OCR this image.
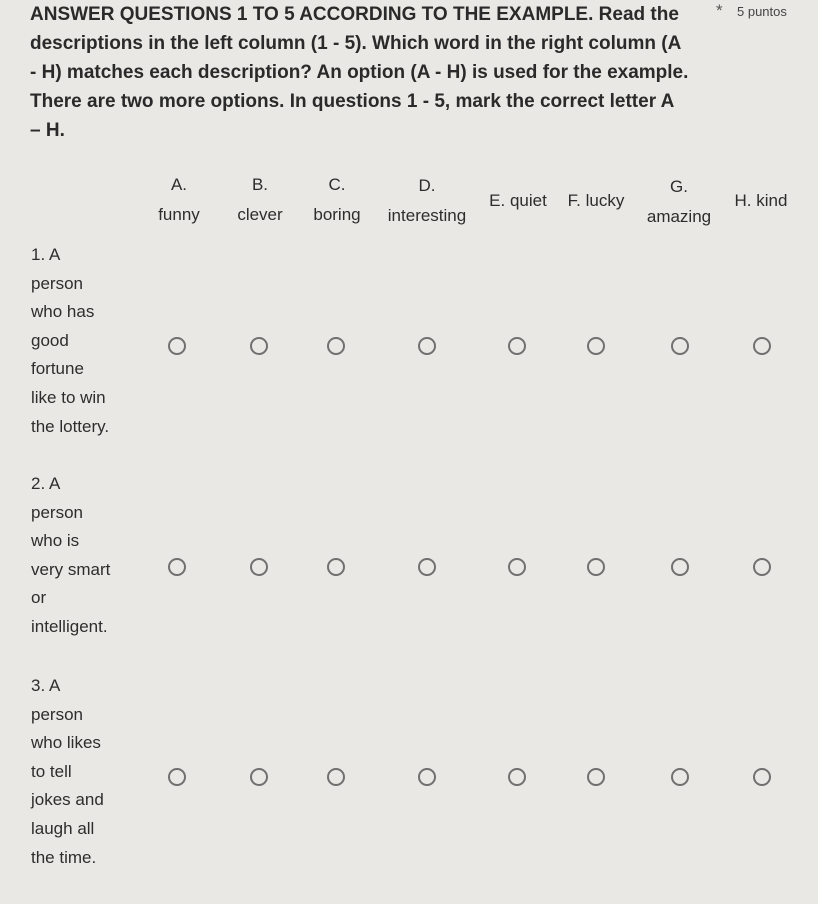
ANSWER QUESTIONS 1 TO 5 ACCORDING TO THE EXAMPLE. Read the
descriptions in the left column (1 - 5). Which word in the right column (A
- H) matches each description? An option (A - H) is used for the example.
There are two more options. In questions 1 - 5, mark the correct letter A
– H.
* 5 puntos
A.
funny
B.
clever
C.
boring
D.
interesting
E. quiet	F. lucky
G.
amazing
H. kind
1. A
person
who has
good
fortune
like to win
the lottery.
2. A
person
who is
very smart
or
intelligent.
3. A
person
who likes
to tell
jokes and
laugh all
the time.
